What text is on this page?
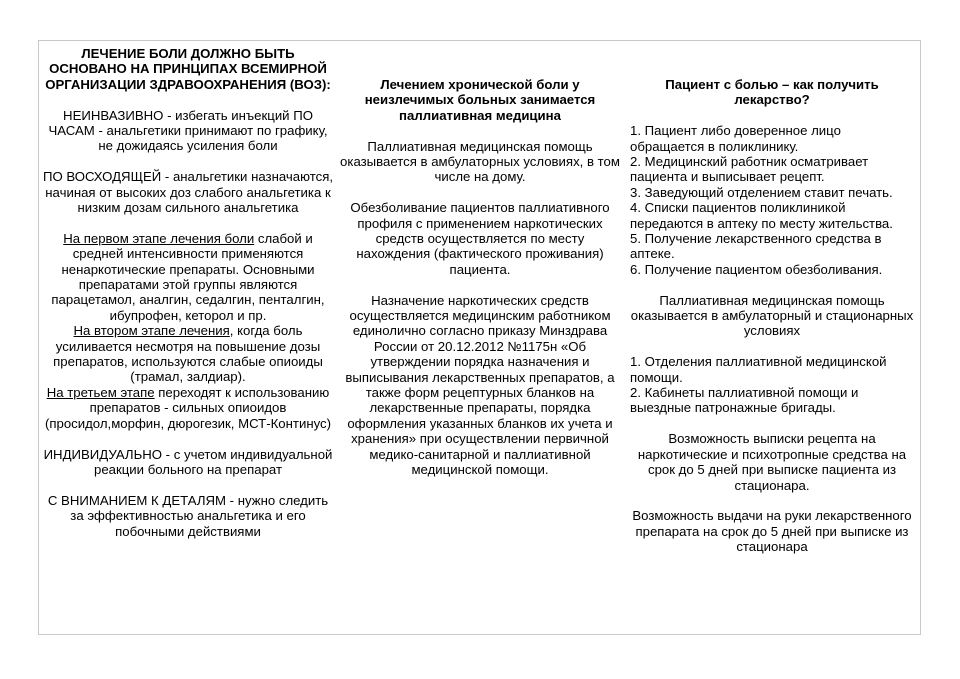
ЛЕЧЕНИЕ БОЛИ ДОЛЖНО БЫТЬ ОСНОВАНО НА ПРИНЦИПАХ ВСЕМИРНОЙ ОРГАНИЗАЦИИ ЗДРАВООХРАНЕНИЯ (ВОЗ):

НЕИНВАЗИВНО - избегать инъекций ПО ЧАСАМ - анальгетики принимают по графику, не дожидаясь усиления боли

ПО ВОСХОДЯЩЕЙ - анальгетики назначаются, начиная от высоких доз слабого анальгетика к низким дозам сильного анальгетика

На первом этапе лечения боли слабой и средней интенсивности применяются ненаркотические препараты. Основными препаратами этой группы являются парацетамол, аналгин, седалгин, пенталгин, ибупрофен, кеторол и пр.

На втором этапе лечения, когда боль усиливается несмотря на повышение дозы препаратов, используются слабые опиоиды (трамал, залдиар).

На третьем этапе переходят к использованию препаратов - сильных опиоидов (просидол,морфин, дюрогезик, МСТ-Континус)

ИНДИВИДУАЛЬНО - с учетом индивидуальной реакции больного на препарат

С ВНИМАНИЕМ К ДЕТАЛЯМ - нужно следить за эффективностью анальгетика и его побочными действиями

Лечением хронической боли у неизлечимых больных занимается паллиативная медицина

Паллиативная медицинская помощь оказывается в амбулаторных условиях, в том числе на дому.

Обезболивание пациентов паллиативного профиля с применением наркотических средств осуществляется по месту нахождения (фактического проживания) пациента.

Назначение наркотических средств осуществляется медицинским работником единолично согласно приказу Минздрава России от 20.12.2012 №1175н «Об утверждении порядка назначения и выписывания лекарственных препаратов, а также форм рецептурных бланков на лекарственные препараты, порядка оформления указанных бланков их учета и хранения» при осуществлении первичной медико-санитарной и паллиативной медицинской помощи.

Пациент с болью – как получить лекарство?

1. Пациент либо доверенное лицо обращается в поликлинику.

2. Медицинский работник осматривает пациента и выписывает рецепт.

3. Заведующий отделением ставит печать.

4. Списки пациентов поликлиникой передаются в аптеку по месту жительства.

5. Получение лекарственного средства в аптеке.

6. Получение пациентом обезболивания.

Паллиативная медицинская помощь оказывается в амбулаторный и стационарных условиях

1. Отделения паллиативной медицинской помощи.

2. Кабинеты паллиативной помощи и выездные патронажные бригады.

Возможность выписки рецепта на наркотические и психотропные средства на срок до 5 дней при выписке пациента из стационара.

Возможность выдачи на руки лекарственного препарата на срок до 5 дней при выписке из стационара
